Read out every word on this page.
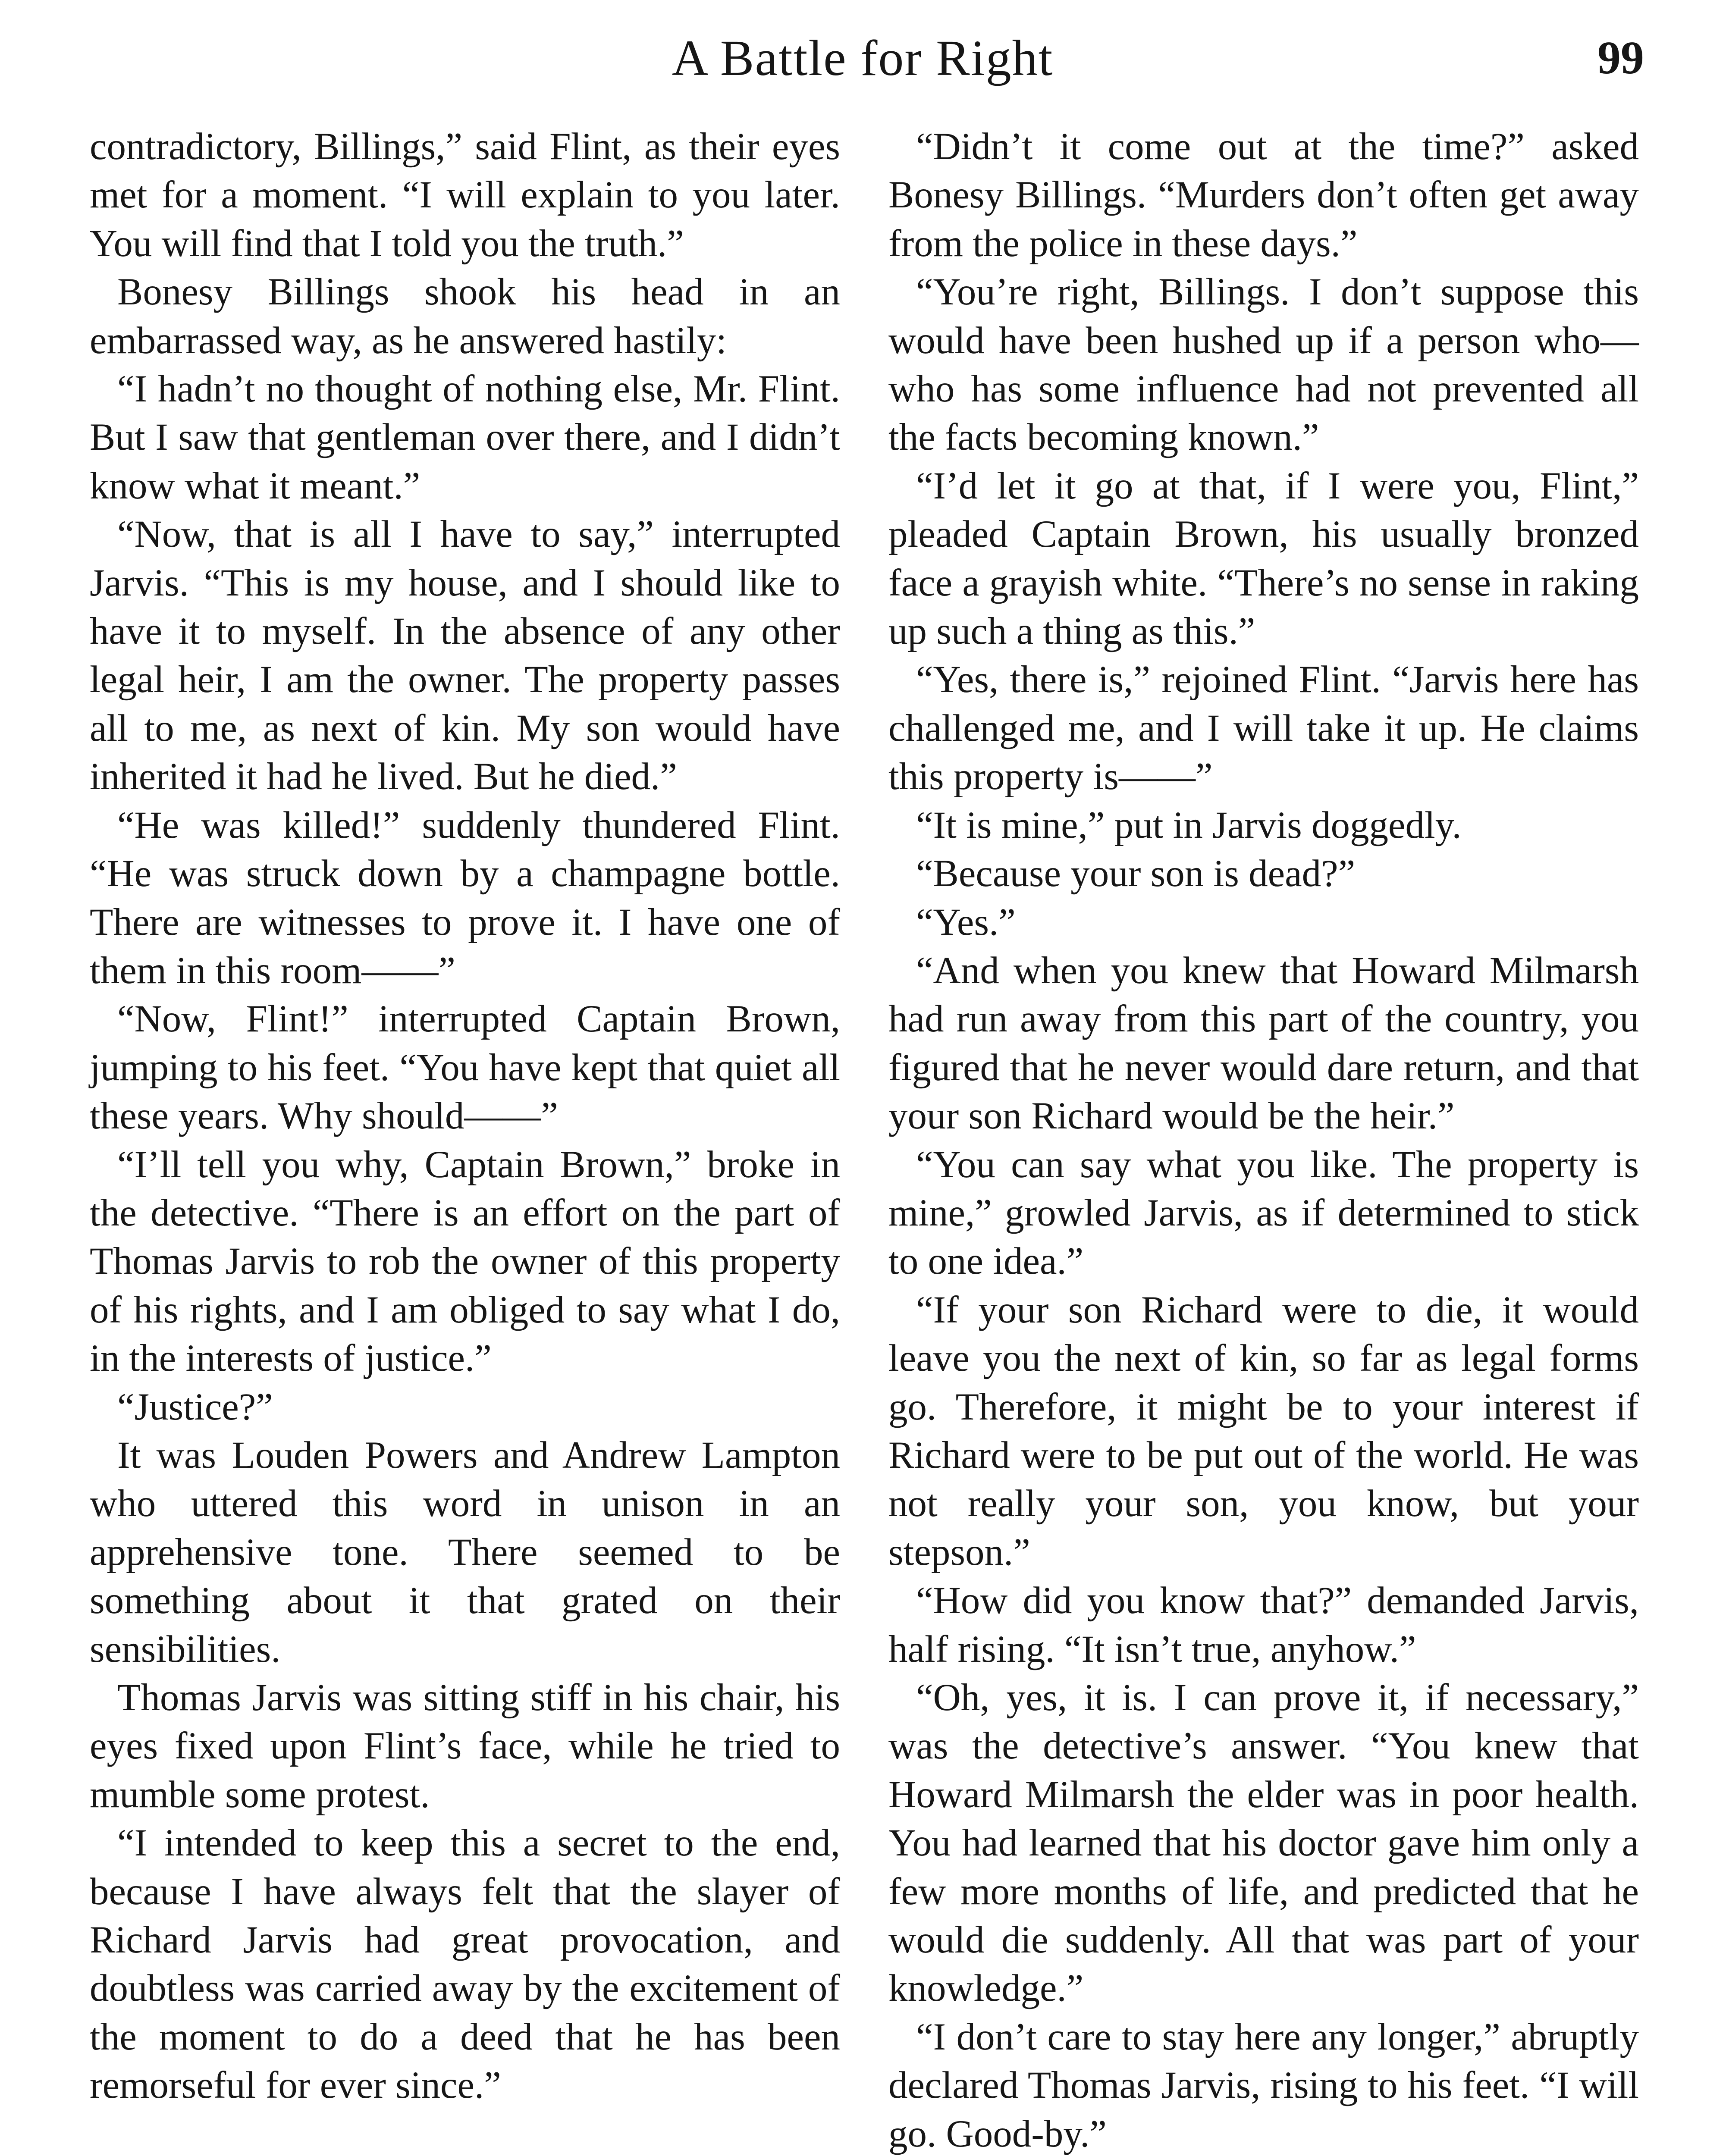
A Battle for Right	99

contradictory, Billings,” said Flint, as their eyes met for a moment. “I will explain to you later. You will find that I told you the truth.”

Bonesy Billings shook his head in an embarrassed way, as he answered hastily:

“I hadn’t no thought of nothing else, Mr. Flint. But I saw that gentleman over there, and I didn’t know what it meant.”

“Now, that is all I have to say,” interrupted Jarvis. “This is my house, and I should like to have it to myself. In the absence of any other legal heir, I am the owner. The property passes all to me, as next of kin. My son would have inherited it had he lived. But he died.”

“He was killed!” suddenly thundered Flint. “He was struck down by a champagne bottle. There are witnesses to prove it. I have one of them in this room——”

“Now, Flint!” interrupted Captain Brown, jumping to his feet. “You have kept that quiet all these years. Why should——”

“I’ll tell you why, Captain Brown,” broke in the detective. “There is an effort on the part of Thomas Jarvis to rob the owner of this property of his rights, and I am obliged to say what I do, in the interests of justice.”

“Justice?”

It was Louden Powers and Andrew Lampton who uttered this word in unison in an apprehensive tone. There seemed to be something about it that grated on their sensibilities.

Thomas Jarvis was sitting stiff in his chair, his eyes fixed upon Flint’s face, while he tried to mumble some protest.

“I intended to keep this a secret to the end, because I have always felt that the slayer of Richard Jarvis had great provocation, and doubtless was carried away by the excitement of the moment to do a deed that he has been remorseful for ever since.”

“Didn’t it come out at the time?” asked Bonesy Billings. “Murders don’t often get away from the police in these days.”

“You’re right, Billings. I don’t suppose this would have been hushed up if a person who—who has some influence had not prevented all the facts becoming known.”

“I’d let it go at that, if I were you, Flint,” pleaded Captain Brown, his usually bronzed face a grayish white. “There’s no sense in raking up such a thing as this.”

“Yes, there is,” rejoined Flint. “Jarvis here has challenged me, and I will take it up. He claims this property is——”

“It is mine,” put in Jarvis doggedly.

“Because your son is dead?”

“Yes.”

“And when you knew that Howard Milmarsh had run away from this part of the country, you figured that he never would dare return, and that your son Richard would be the heir.”

“You can say what you like. The property is mine,” growled Jarvis, as if determined to stick to one idea.”

“If your son Richard were to die, it would leave you the next of kin, so far as legal forms go. Therefore, it might be to your interest if Richard were to be put out of the world. He was not really your son, you know, but your stepson.”

“How did you know that?” demanded Jarvis, half rising. “It isn’t true, anyhow.”

“Oh, yes, it is. I can prove it, if necessary,” was the detective’s answer. “You knew that Howard Milmarsh the elder was in poor health. You had learned that his doctor gave him only a few more months of life, and predicted that he would die suddenly. All that was part of your knowledge.”

“I don’t care to stay here any longer,” abruptly declared Thomas Jarvis, rising to his feet. “I will go. Good-by.”
